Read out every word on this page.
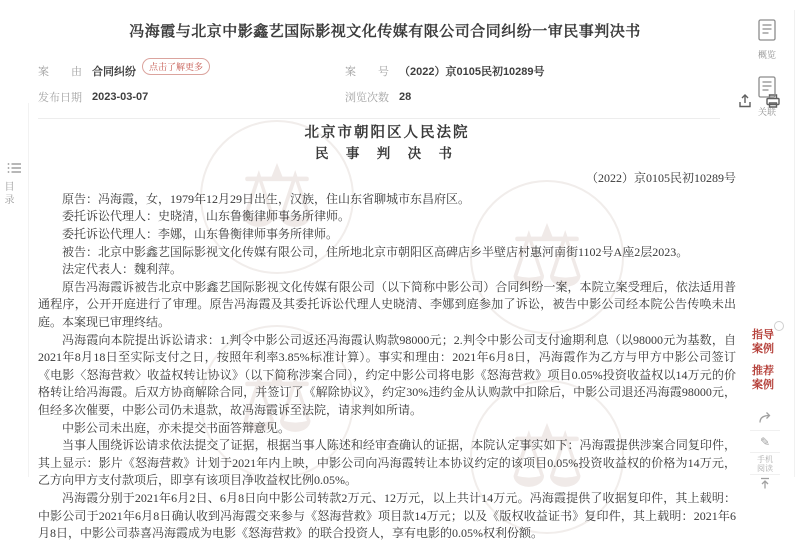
⚖
⚖
⚖
⚖
冯海霞与北京中影鑫艺国际影视文化传媒有限公司合同纠纷一审民事判决书
案　　由 合同纠纷	点击了解更多	案　　号 （2022）京0105民初10289号
发布日期 2023-03-07	浏览次数 28
北京市朝阳区人民法院
民 事 判 决 书
（2022）京0105民初10289号

原告：冯海霞，女，1979年12月29日出生，汉族，住山东省聊城市东昌府区。

委托诉讼代理人：史晓清，山东鲁衡律师事务所律师。

委托诉讼代理人：李娜，山东鲁衡律师事务所律师。

被告：北京中影鑫艺国际影视文化传媒有限公司，住所地北京市朝阳区高碑店乡半壁店村惠河南街1102号A座2层2023。

法定代表人：魏利萍。

原告冯海霞诉被告北京中影鑫艺国际影视文化传媒有限公司（以下简称中影公司）合同纠纷一案，本院立案受理后，依法适用普通程序，公开开庭进行了审理。原告冯海霞及其委托诉讼代理人史晓清、李娜到庭参加了诉讼，被告中影公司经本院公告传唤未出庭。本案现已审理终结。

冯海霞向本院提出诉讼请求：1.判令中影公司返还冯海霞认购款98000元；2.判令中影公司支付逾期利息（以98000元为基数，自2021年8月18日至实际支付之日，按照年利率3.85%标准计算）。事实和理由：2021年6月8日，冯海霞作为乙方与甲方中影公司签订《电影〈怒海营救〉收益权转让协议》（以下简称涉案合同），约定中影公司将电影《怒海营救》项目0.05%投资收益权以14万元的价格转让给冯海霞。后双方协商解除合同，并签订了《解除协议》，约定30%违约金从认购款中扣除后，中影公司退还冯海霞98000元，但经多次催要，中影公司仍未退款，故冯海霞诉至法院，请求判如所请。

中影公司未出庭，亦未提交书面答辩意见。

当事人围绕诉讼请求依法提交了证据，根据当事人陈述和经审查确认的证据，本院认定事实如下：冯海霞提供涉案合同复印件，其上显示：影片《怒海营救》计划于2021年内上映，中影公司向冯海霞转让本协议约定的该项目0.05%投资收益权的价格为14万元，乙方向甲方支付款项后，即享有该项目净收益权比例0.05%。

冯海霞分别于2021年6月2日、6月8日向中影公司转款2万元、12万元，以上共计14万元。冯海霞提供了收据复印件，其上载明：中影公司于2021年6月8日确认收到冯海霞交来参与《怒海营救》项目款14万元；以及《版权收益证书》复印件，其上载明：2021年6月8日，中影公司恭喜冯海霞成为电影《怒海营救》的联合投资人，享有电影的0.05%权利份额。

目录
概览
关联
指导案例
推荐案例
✎
手机阅读
